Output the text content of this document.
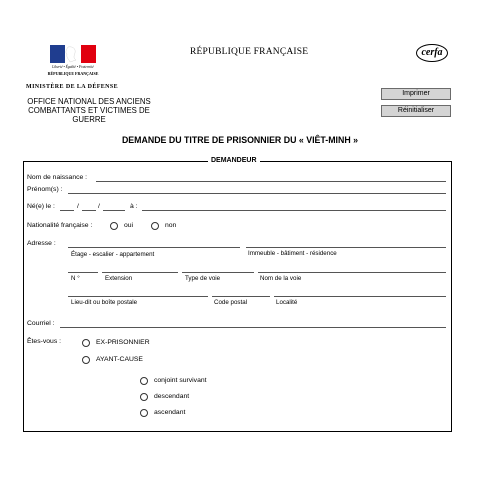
Liberté • Égalité • Fraternité
RÉPUBLIQUE FRANÇAISE
RÉPUBLIQUE FRANÇAISE	cerfa
MINISTÈRE DE LA DÉFENSE
OFFICE NATIONAL DES ANCIENS
COMBATTANTS ET VICTIMES DE
GUERRE
Imprimer
Réinitialiser
DEMANDE DU TITRE DE PRISONNIER DU « VIÊT-MINH »
DEMANDEUR
Nom de naissance :
Prénom(s) :
Né(e) le :	/	/	à :
Nationalité française :	oui	non
Adresse :
Étage - escalier - appartement	Immeuble - bâtiment - résidence
N °	Extension	Type de voie	Nom de la voie
Lieu-dit ou boîte postale	Code postal	Localité
Courriel :
Êtes-vous :	EX-PRISONNIER
AYANT-CAUSE
conjoint survivant
descendant
ascendant
